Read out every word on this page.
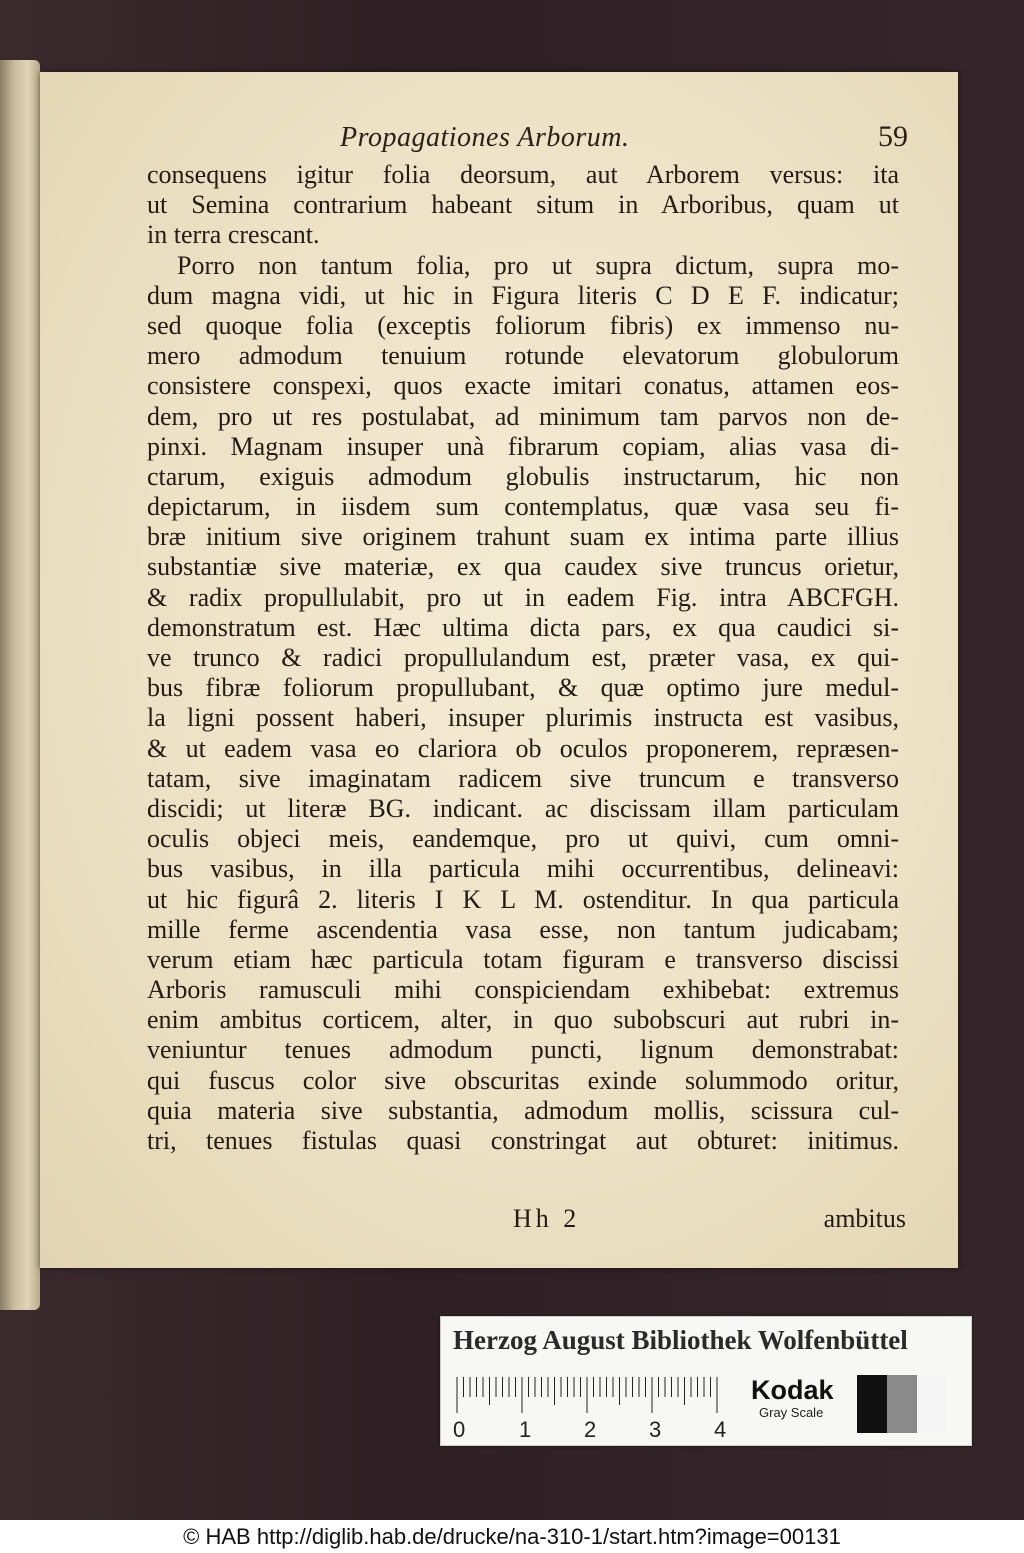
Propagationes Arborum.	59
consequens igitur folia deorsum, aut Arborem versus: ita
ut Semina contrarium habeant situm in Arboribus, quam ut
in terra crescant.
Porro non tantum folia, pro ut supra dictum, supra mo-
dum magna vidi, ut hic in Figura literis C D E F. indicatur;
sed quoque folia (exceptis foliorum fibris) ex immenso nu-
mero admodum tenuium rotunde elevatorum globulorum
consistere conspexi, quos exacte imitari conatus, attamen eos-
dem, pro ut res postulabat, ad minimum tam parvos non de-
pinxi. Magnam insuper unà fibrarum copiam, alias vasa di-
ctarum, exiguis admodum globulis instructarum, hic non
depictarum, in iisdem sum contemplatus, quæ vasa seu fi-
bræ initium sive originem trahunt suam ex intima parte illius
substantiæ sive materiæ, ex qua caudex sive truncus orietur,
& radix propullulabit, pro ut in eadem Fig. intra ABCFGH.
demonstratum est. Hæc ultima dicta pars, ex qua caudici si-
ve trunco & radici propullulandum est, præter vasa, ex qui-
bus fibræ foliorum propullubant, & quæ optimo jure medul-
la ligni possent haberi, insuper plurimis instructa est vasibus,
& ut eadem vasa eo clariora ob oculos proponerem, repræsen-
tatam, sive imaginatam radicem sive truncum e transverso
discidi; ut literæ BG. indicant. ac discissam illam particulam
oculis objeci meis, eandemque, pro ut quivi, cum omni-
bus vasibus, in illa particula mihi occurrentibus, delineavi:
ut hic figurâ 2. literis I K L M. ostenditur. In qua particula
mille ferme ascendentia vasa esse, non tantum judicabam;
verum etiam hæc particula totam figuram e transverso discissi
Arboris ramusculi mihi conspiciendam exhibebat: extremus
enim ambitus corticem, alter, in quo subobscuri aut rubri in-
veniuntur tenues admodum puncti, lignum demonstrabat:
qui fuscus color sive obscuritas exinde solummodo oritur,
quia materia sive substantia, admodum mollis, scissura cul-
tri, tenues fistulas quasi constringat aut obturet: initimus.
Hh 2	ambitus
Herzog August Bibliothek Wolfenbüttel
0 1 2 3 4
Kodak
Gray Scale
© HAB http://diglib.hab.de/drucke/na-310-1/start.htm?image=00131
